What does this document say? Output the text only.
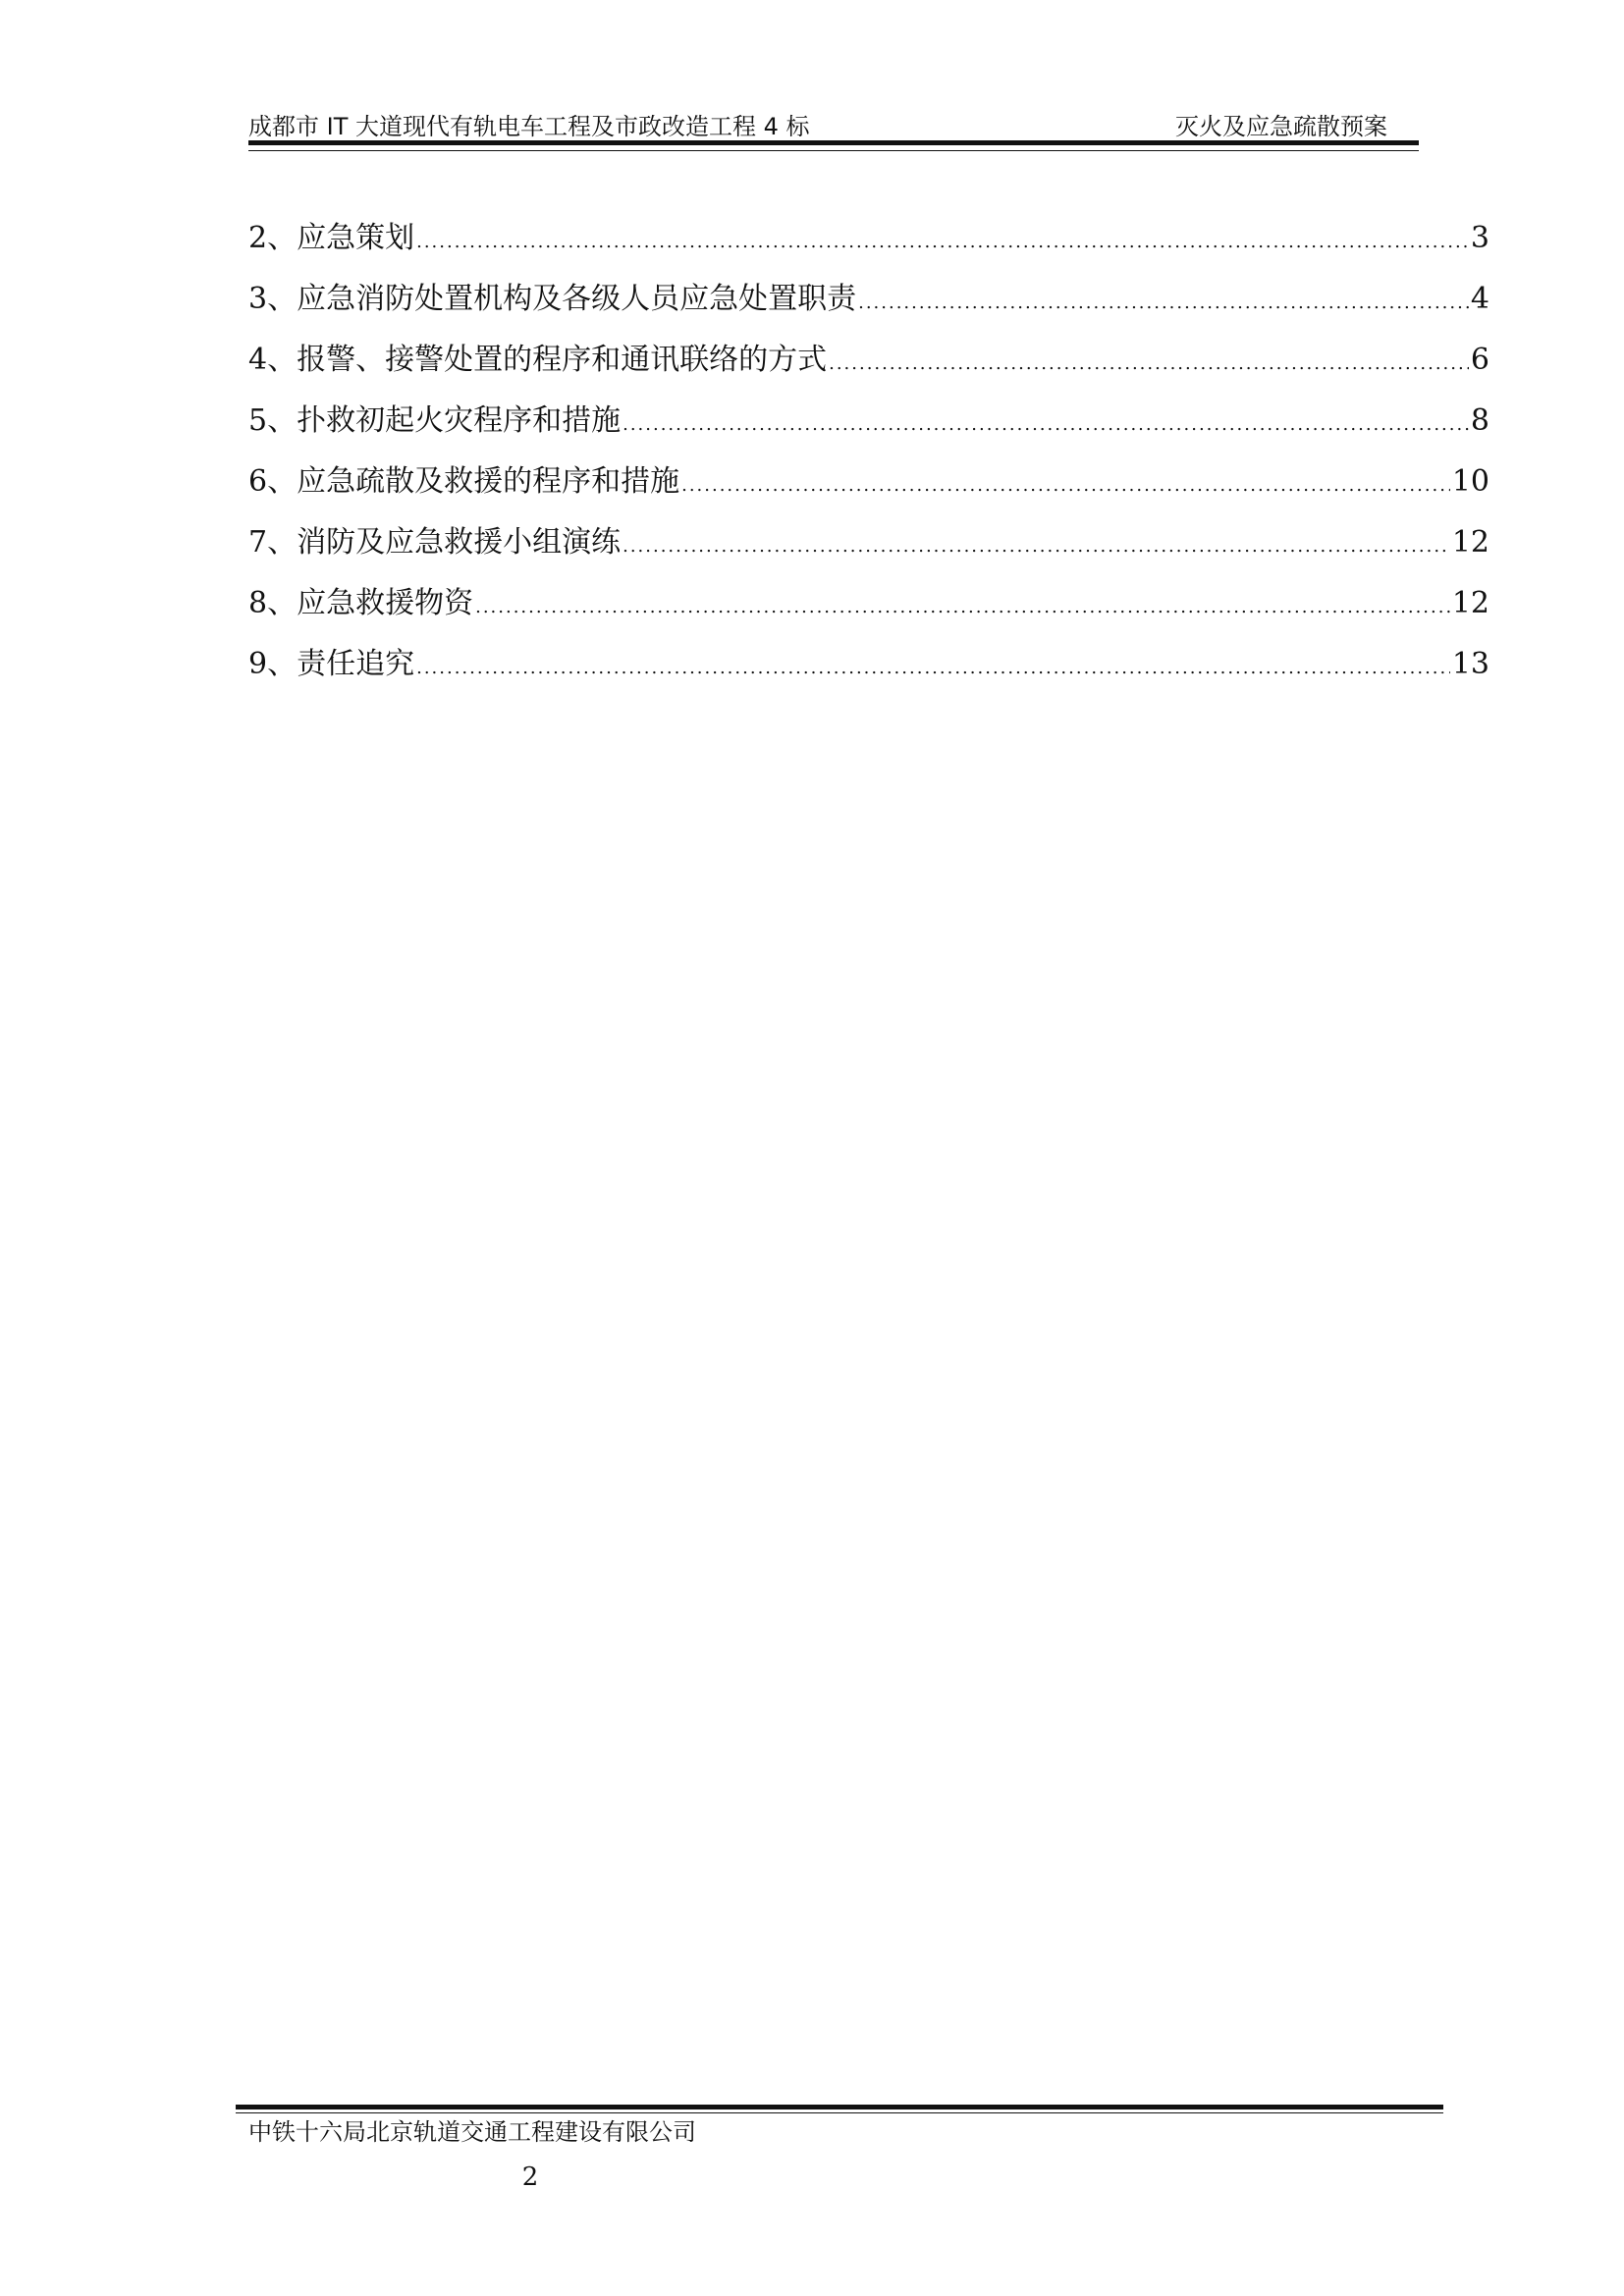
成都市 IT 大道现代有轨电车工程及市政改造工程 4 标	灭火及应急疏散预案
2、应急策划 .....	3
3、应急消防处置机构及各级人员应急处置职责 .....	4
4、报警、接警处置的程序和通讯联络的方式 .....	6
5、扑救初起火灾程序和措施 .....	8
6、应急疏散及救援的程序和措施 .....	10
7、消防及应急救援小组演练 .....	12
8、应急救援物资 .....	12
9、责任追究 .....	13
中铁十六局北京轨道交通工程建设有限公司
2
